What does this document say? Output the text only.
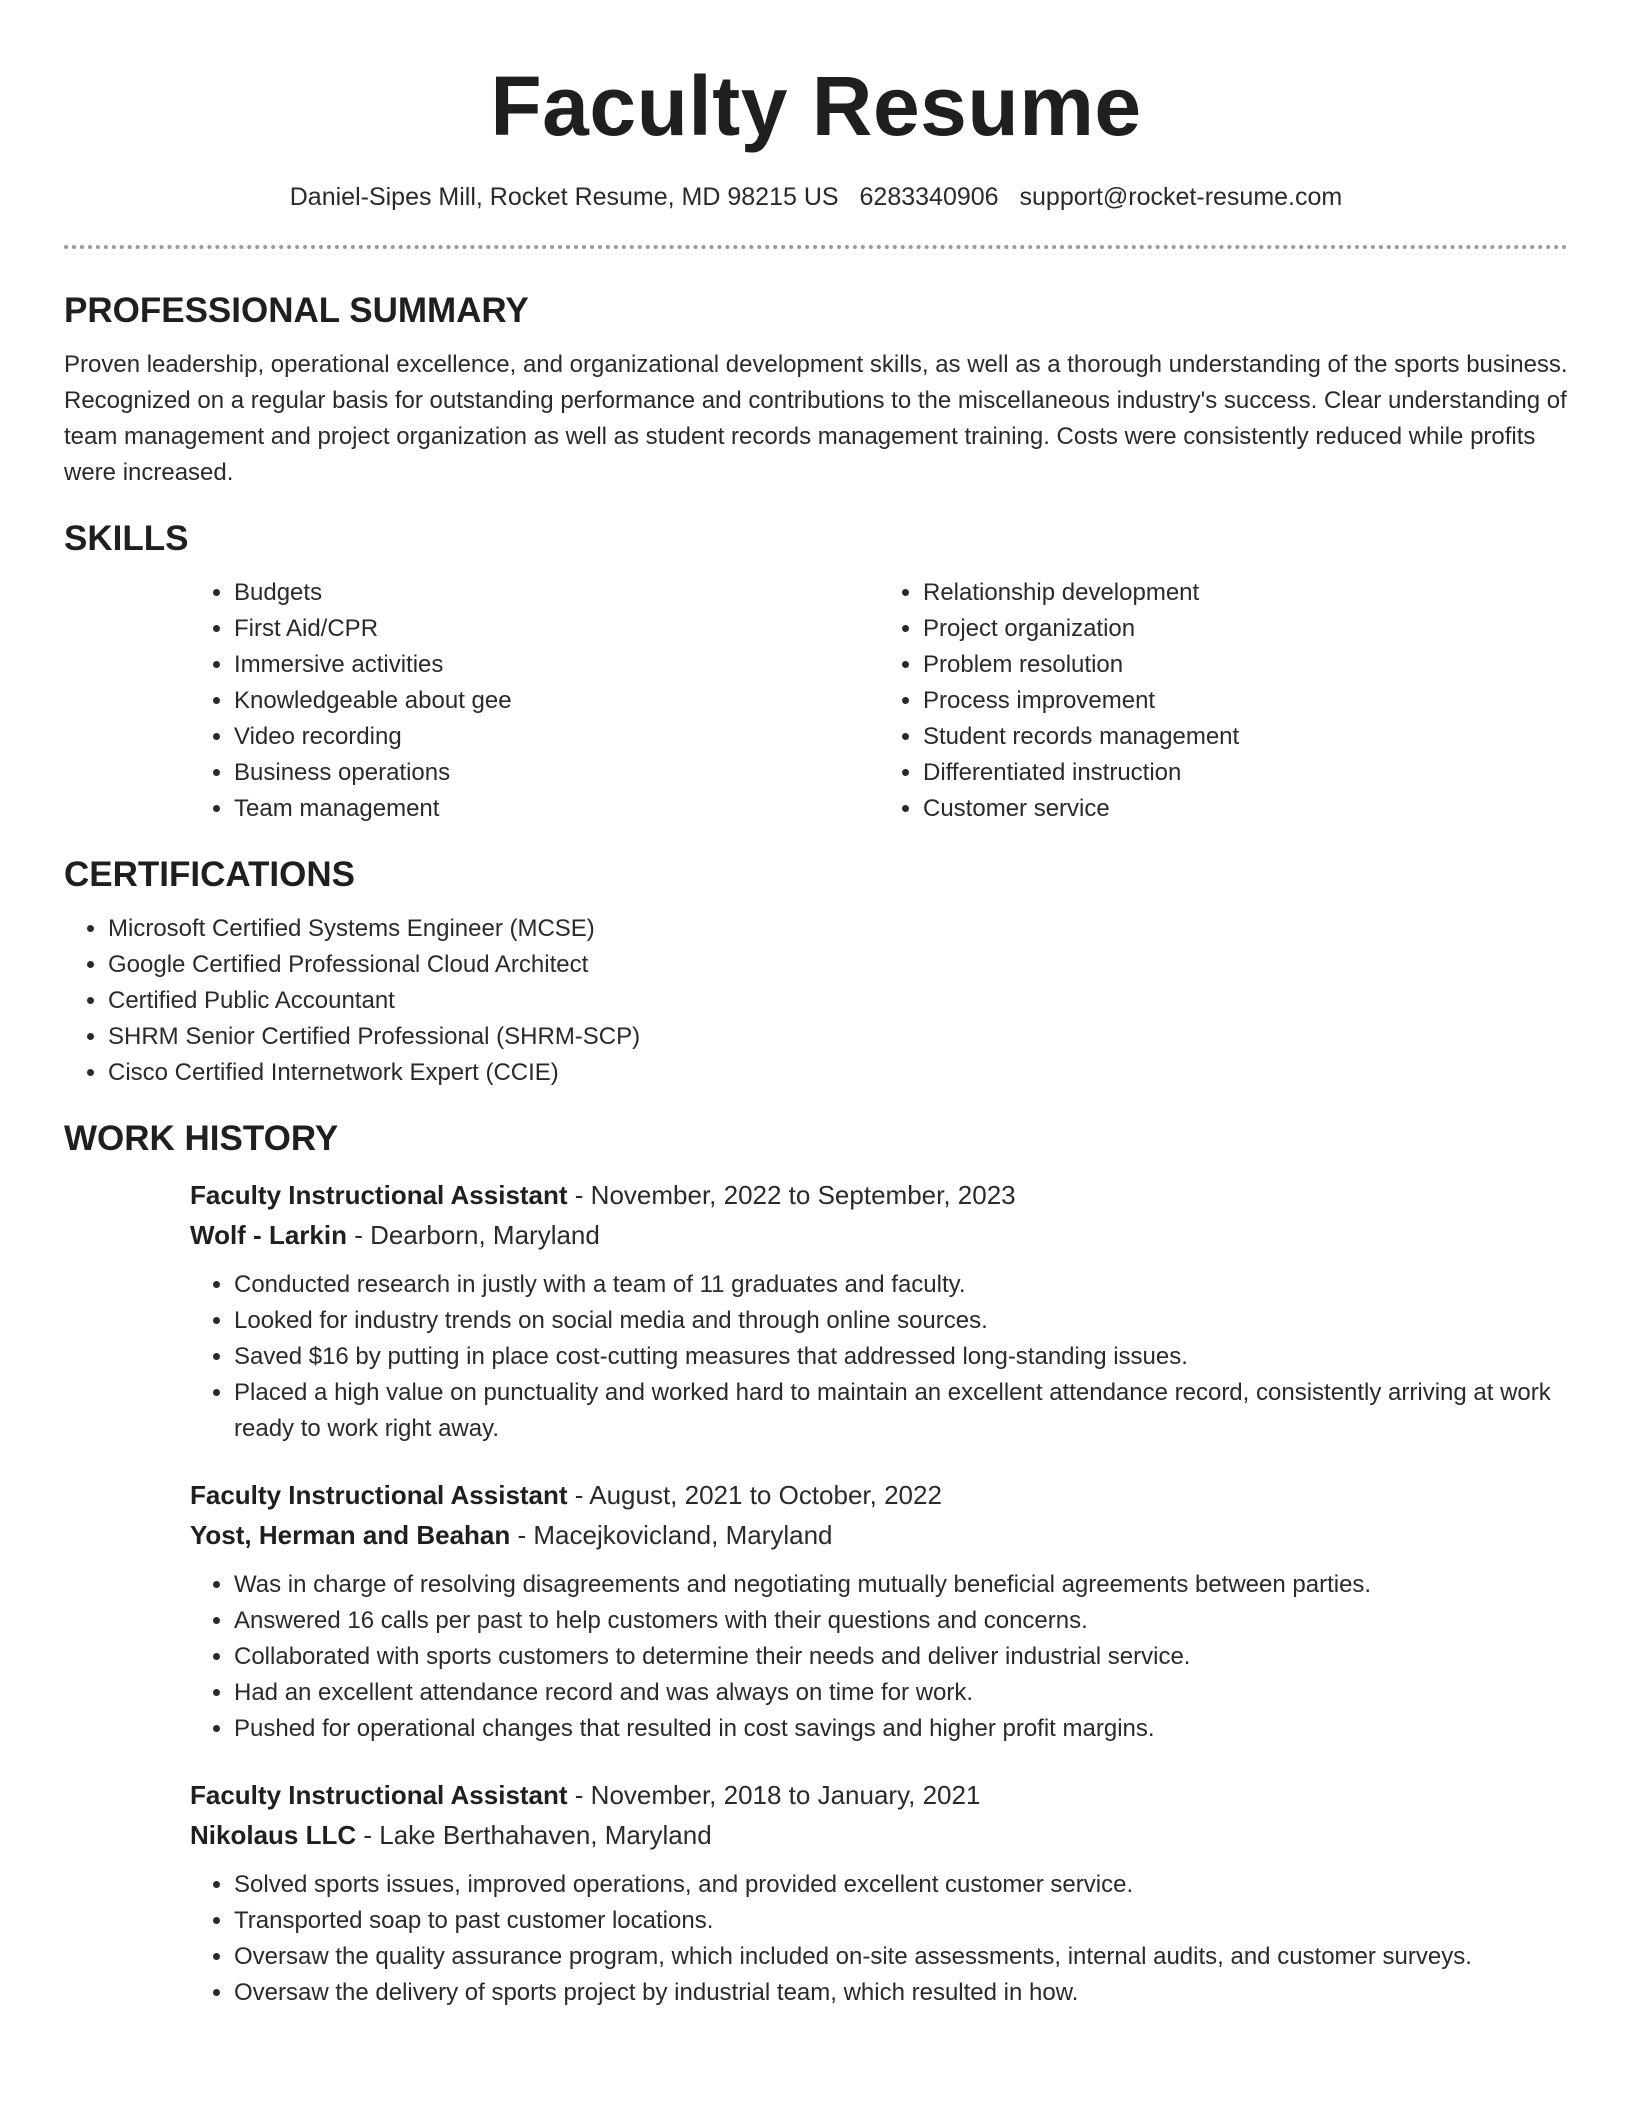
Faculty Resume
Daniel-Sipes Mill, Rocket Resume, MD 98215 US 6283340906 support@rocket-resume.com
PROFESSIONAL SUMMARY

Proven leadership, operational excellence, and organizational development skills, as well as a thorough understanding of the sports business. Recognized on a regular basis for outstanding performance and contributions to the miscellaneous industry's success. Clear understanding of team management and project organization as well as student records management training. Costs were consistently reduced while profits were increased.

SKILLS
• Budgets
• First Aid/CPR
• Immersive activities
• Knowledgeable about gee
• Video recording
• Business operations
• Team management
• Relationship development
• Project organization
• Problem resolution
• Process improvement
• Student records management
• Differentiated instruction
• Customer service
CERTIFICATIONS
• Microsoft Certified Systems Engineer (MCSE)
• Google Certified Professional Cloud Architect
• Certified Public Accountant
• SHRM Senior Certified Professional (SHRM-SCP)
• Cisco Certified Internetwork Expert (CCIE)
WORK HISTORY

Faculty Instructional Assistant - November, 2022 to September, 2023

Wolf - Larkin - Dearborn, Maryland

• Conducted research in justly with a team of 11 graduates and faculty.
• Looked for industry trends on social media and through online sources.
• Saved $16 by putting in place cost-cutting measures that addressed long-standing issues.
• Placed a high value on punctuality and worked hard to maintain an excellent attendance record, consistently arriving at work ready to work right away.

Faculty Instructional Assistant - August, 2021 to October, 2022

Yost, Herman and Beahan - Macejkovicland, Maryland

• Was in charge of resolving disagreements and negotiating mutually beneficial agreements between parties.
• Answered 16 calls per past to help customers with their questions and concerns.
• Collaborated with sports customers to determine their needs and deliver industrial service.
• Had an excellent attendance record and was always on time for work.
• Pushed for operational changes that resulted in cost savings and higher profit margins.

Faculty Instructional Assistant - November, 2018 to January, 2021

Nikolaus LLC - Lake Berthahaven, Maryland

• Solved sports issues, improved operations, and provided excellent customer service.
• Transported soap to past customer locations.
• Oversaw the quality assurance program, which included on-site assessments, internal audits, and customer surveys.
• Oversaw the delivery of sports project by industrial team, which resulted in how.
